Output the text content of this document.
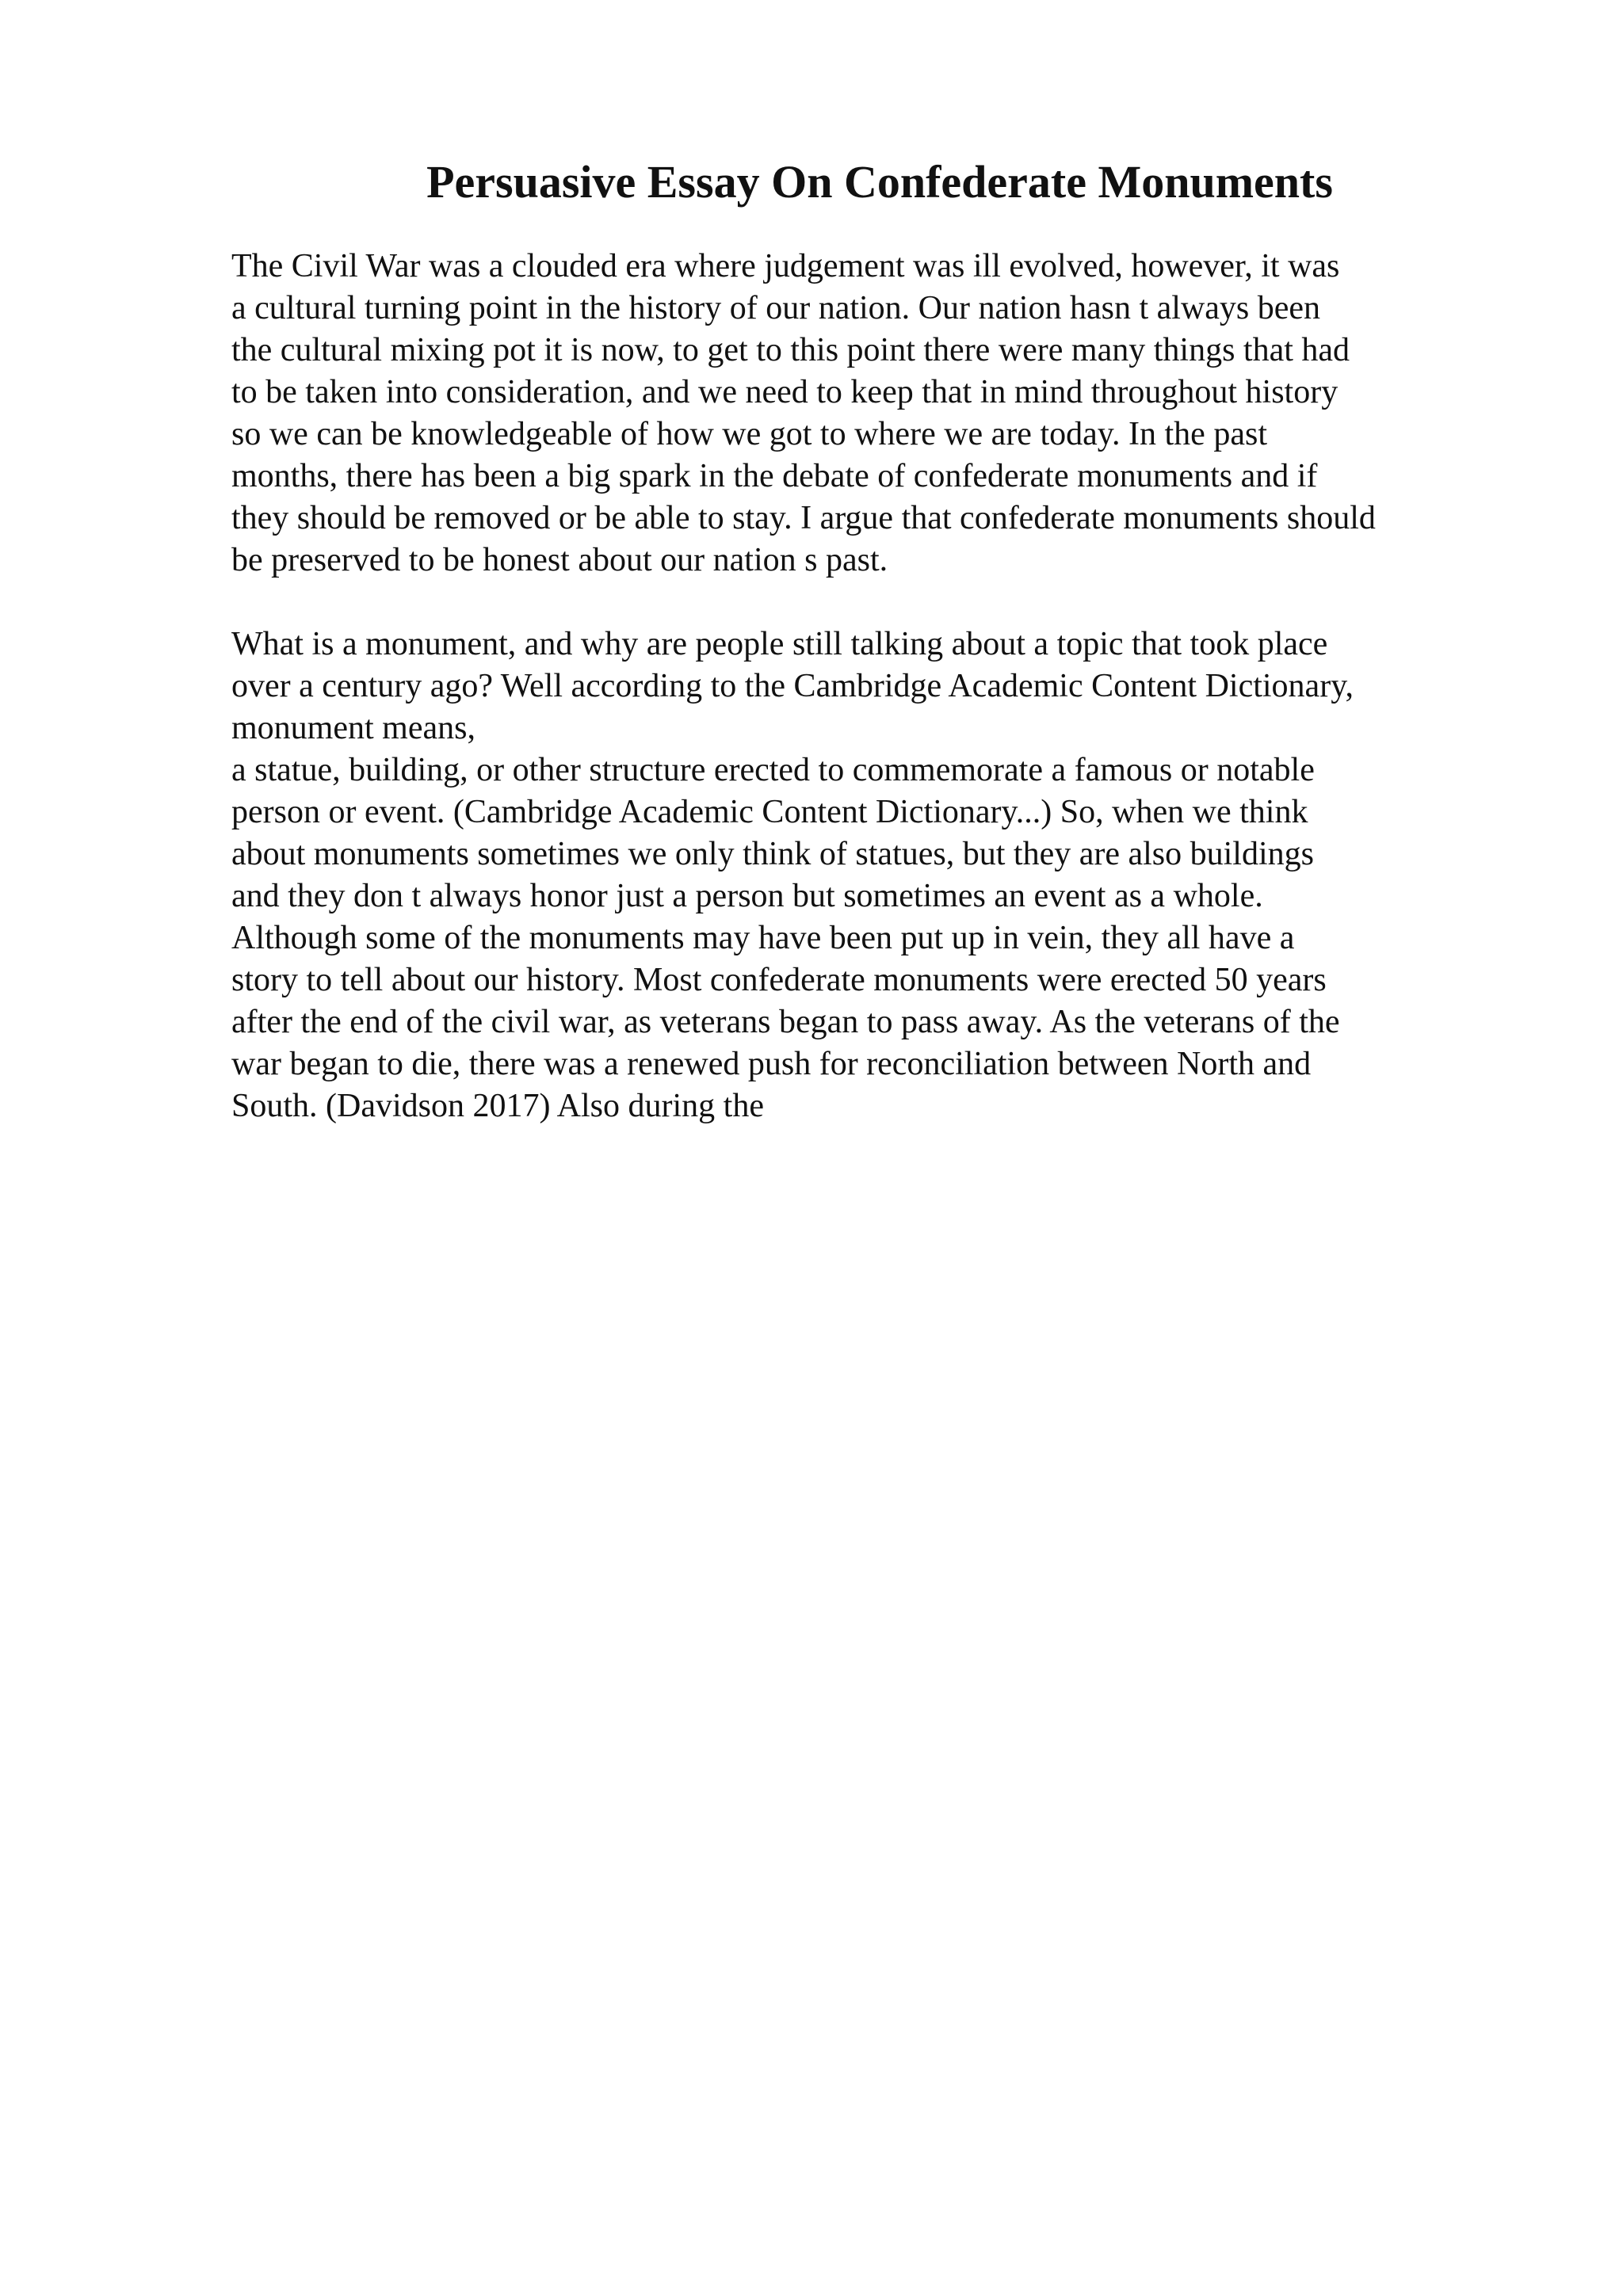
Persuasive Essay On Confederate Monuments
The Civil War was a clouded era where judgement was ill evolved, however, it was
a cultural turning point in the history of our nation. Our nation hasn t always been
the cultural mixing pot it is now, to get to this point there were many things that had
to be taken into consideration, and we need to keep that in mind throughout history
so we can be knowledgeable of how we got to where we are today. In the past
months, there has been a big spark in the debate of confederate monuments and if
they should be removed or be able to stay. I argue that confederate monuments should
be preserved to be honest about our nation s past.
What is a monument, and why are people still talking about a topic that took place
over a century ago? Well according to the Cambridge Academic Content Dictionary,
monument means,
a statue, building, or other structure erected to commemorate a famous or notable
person or event. (Cambridge Academic Content Dictionary...) So, when we think
about monuments sometimes we only think of statues, but they are also buildings
and they don t always honor just a person but sometimes an event as a whole.
Although some of the monuments may have been put up in vein, they all have a
story to tell about our history. Most confederate monuments were erected 50 years
after the end of the civil war, as veterans began to pass away. As the veterans of the
war began to die, there was a renewed push for reconciliation between North and
South. (Davidson 2017) Also during the
